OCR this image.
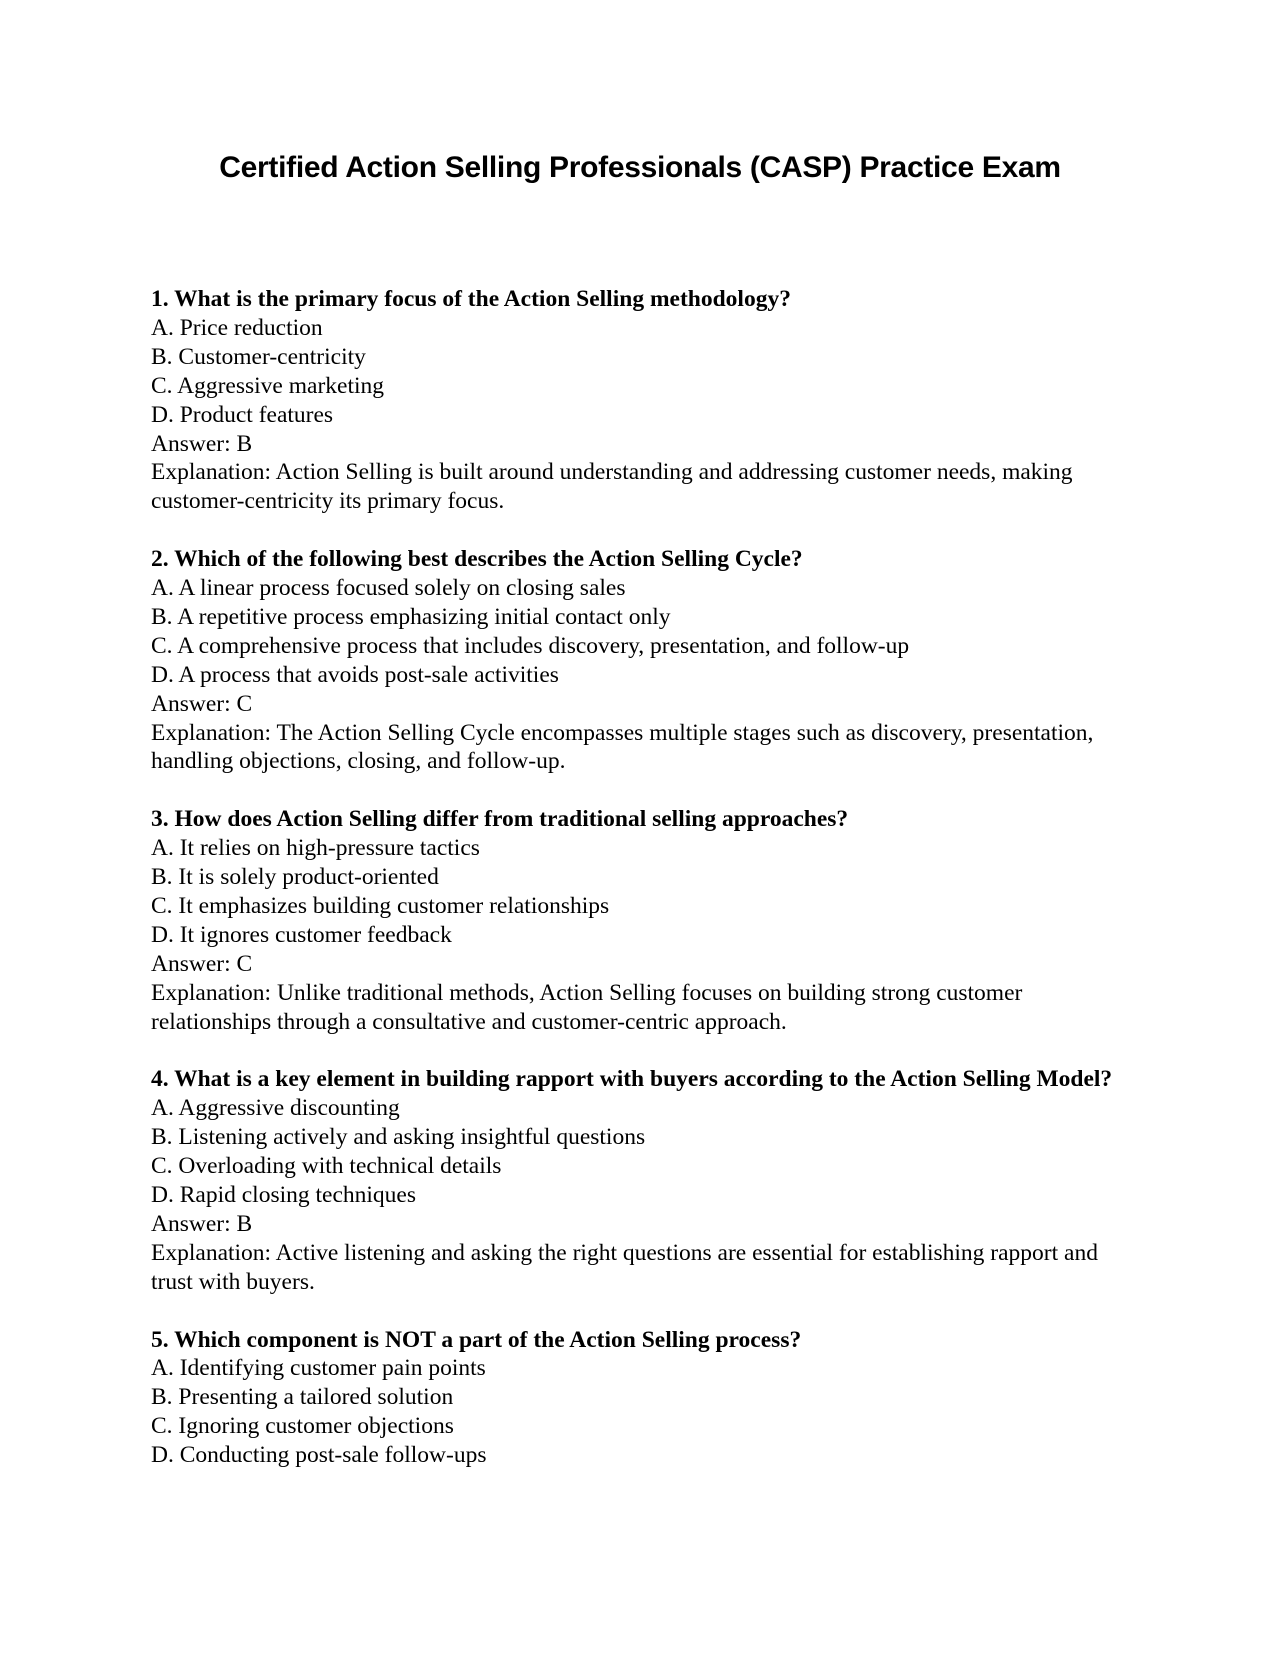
Certified Action Selling Professionals (CASP) Practice Exam
1. What is the primary focus of the Action Selling methodology?
A. Price reduction
B. Customer-centricity
C. Aggressive marketing
D. Product features
Answer: B
Explanation: Action Selling is built around understanding and addressing customer needs, making customer-centricity its primary focus.
2. Which of the following best describes the Action Selling Cycle?
A. A linear process focused solely on closing sales
B. A repetitive process emphasizing initial contact only
C. A comprehensive process that includes discovery, presentation, and follow-up
D. A process that avoids post-sale activities
Answer: C
Explanation: The Action Selling Cycle encompasses multiple stages such as discovery, presentation, handling objections, closing, and follow-up.
3. How does Action Selling differ from traditional selling approaches?
A. It relies on high-pressure tactics
B. It is solely product-oriented
C. It emphasizes building customer relationships
D. It ignores customer feedback
Answer: C
Explanation: Unlike traditional methods, Action Selling focuses on building strong customer relationships through a consultative and customer-centric approach.
4. What is a key element in building rapport with buyers according to the Action Selling Model?
A. Aggressive discounting
B. Listening actively and asking insightful questions
C. Overloading with technical details
D. Rapid closing techniques
Answer: B
Explanation: Active listening and asking the right questions are essential for establishing rapport and trust with buyers.
5. Which component is NOT a part of the Action Selling process?
A. Identifying customer pain points
B. Presenting a tailored solution
C. Ignoring customer objections
D. Conducting post-sale follow-ups
